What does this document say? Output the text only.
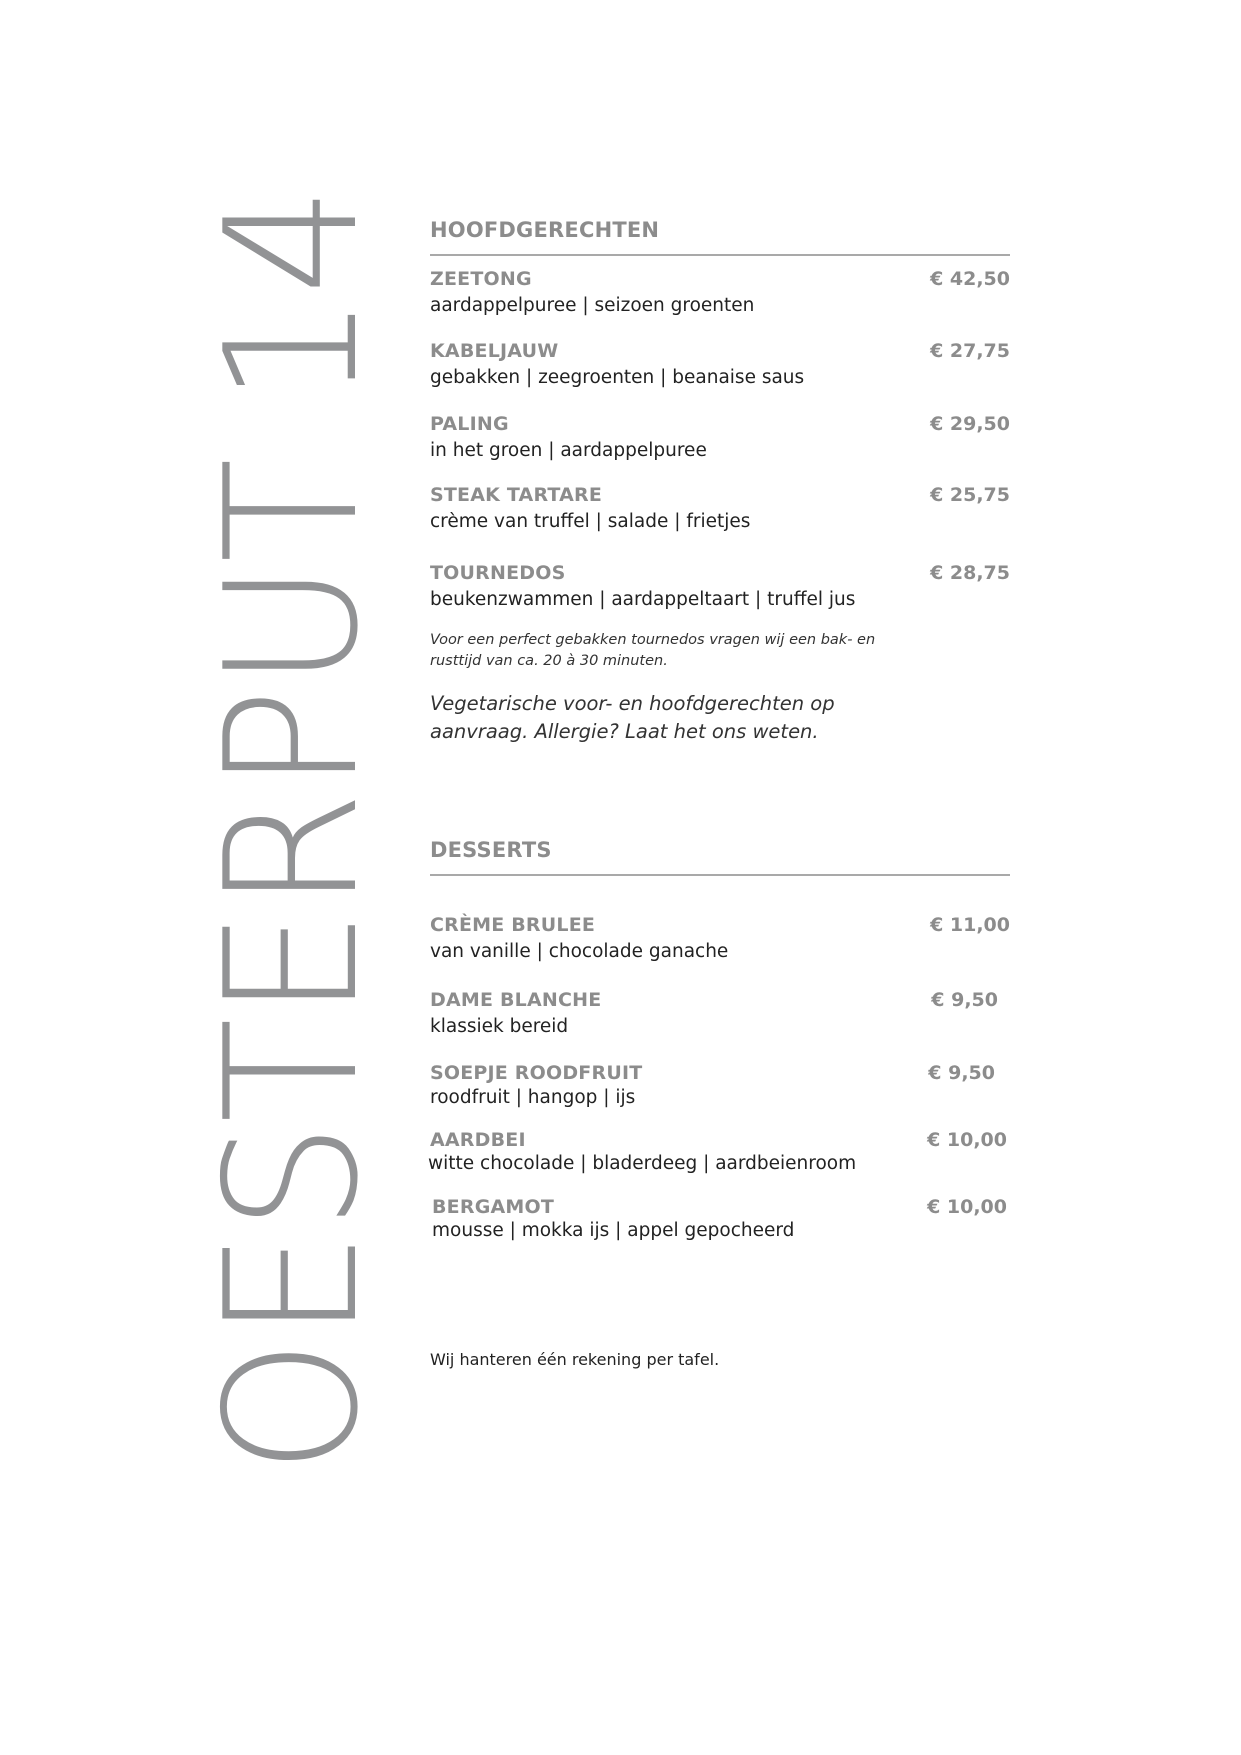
OESTERPUT 14 HOOFDGERECHTEN
ZEETONG	€ 42,50
aardappelpuree | seizoen groenten
KABELJAUW	€ 27,75
gebakken | zeegroenten | beanaise saus
PALING	€ 29,50
in het groen | aardappelpuree
STEAK TARTARE	€ 25,75
crème van truffel | salade | frietjes
TOURNEDOS	€ 28,75
beukenzwammen | aardappeltaart | truffel jus
Voor een perfect gebakken tournedos vragen wij een bak- en rusttijd van ca. 20 à 30 minuten.
Vegetarische voor- en hoofdgerechten op aanvraag. Allergie? Laat het ons weten.
DESSERTS
CRÈME BRULEE	€ 11,00
van vanille | chocolade ganache
DAME BLANCHE	€ 9,50
klassiek bereid
SOEPJE ROODFRUIT	€ 9,50
roodfruit | hangop | ijs
AARDBEI	€ 10,00
witte chocolade | bladerdeeg | aardbeienroom
BERGAMOT	€ 10,00
mousse | mokka ijs | appel gepocheerd
Wij hanteren één rekening per tafel.
